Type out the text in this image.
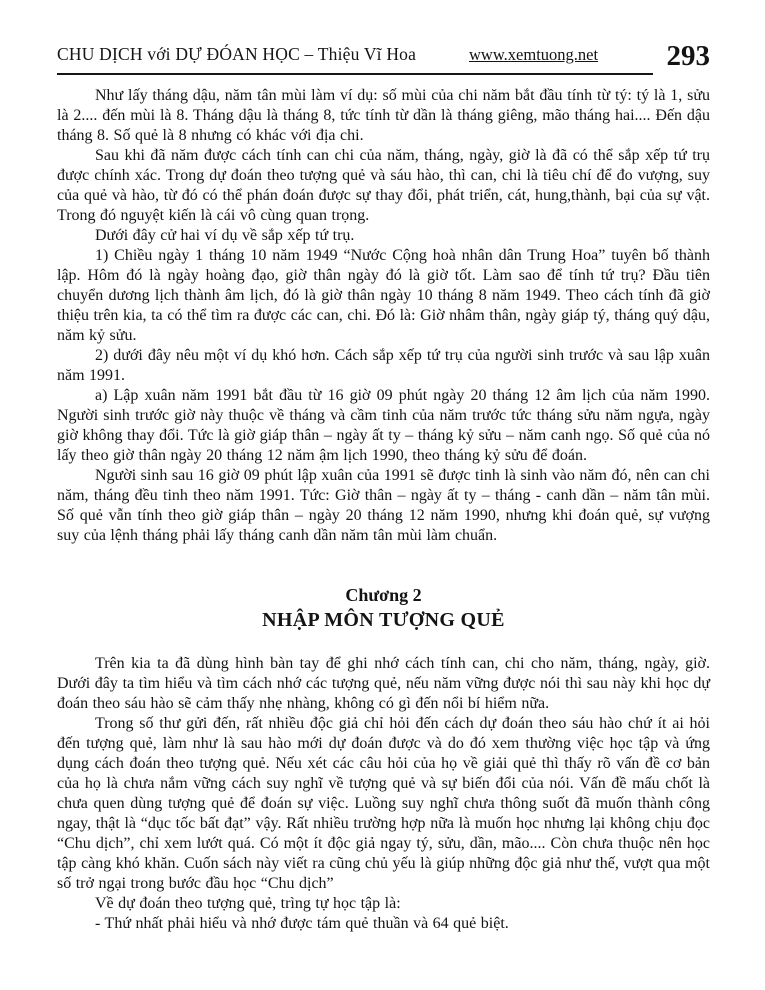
CHU DỊCH với DỰ ĐÓAN HỌC – Thiệu Vĩ Hoa	www.xemtuong.net 293

Như lấy tháng dậu, năm tân mùi làm ví dụ: số mùi của chi năm bắt đầu tính từ tý: tý là 1, sửu là 2.... đến mùi là 8. Tháng dậu là tháng 8, tức tính từ dần là tháng giêng, mão tháng hai.... Đến dậu tháng 8. Số quẻ là 8 nhưng có khác với địa chi.

Sau khi đã năm được cách tính can chi của năm, tháng, ngày, giờ là đã có thể sắp xếp tứ trụ được chính xác. Trong dự đoán theo tượng quẻ và sáu hào, thì can, chi là tiêu chí để đo vượng, suy của quẻ và hào, từ đó có thể phán đoán được sự thay đổi, phát triển, cát, hung,thành, bại của sự vật. Trong đó nguyệt kiến là cái vô cùng quan trọng.

Dưới đây cử hai ví dụ về sắp xếp tứ trụ.

1) Chiều ngày 1 tháng 10 năm 1949 “Nước Cộng hoà nhân dân Trung Hoa” tuyên bố thành lập. Hôm đó là ngày hoàng đạo, giờ thân ngày đó là giờ tốt. Làm sao để tính tứ trụ? Đầu tiên chuyển dương lịch thành âm lịch, đó là giờ thân ngày 10 tháng 8 năm 1949. Theo cách tính đã giờ thiệu trên kia, ta có thể tìm ra được các can, chi. Đó là: Giờ nhâm thân, ngày giáp tý, tháng quý dậu, năm kỷ sửu.

2) dưới đây nêu một ví dụ khó hơn. Cách sắp xếp tứ trụ của người sinh trước và sau lập xuân năm 1991.

a) Lập xuân năm 1991 bắt đầu từ 16 giờ 09 phút ngày 20 tháng 12 âm lịch của năm 1990. Người sinh trước giờ này thuộc về tháng và cầm tinh của năm trước tức tháng sửu năm ngựa, ngày giờ không thay đổi. Tức là giờ giáp thân – ngày ất ty – tháng kỷ sửu – năm canh ngọ. Số quẻ của nó lấy theo giờ thân ngày 20 tháng 12 năm ậm lịch 1990, theo tháng kỷ sửu để đoán.

Người sinh sau 16 giờ 09 phút lập xuân của 1991 sẽ được tinh là sinh vào năm đó, nên can chi năm, tháng đều tinh theo năm 1991. Tức: Giờ thân – ngày ất ty – tháng - canh dần – năm tân mùi. Số quẻ vẫn tính theo giờ giáp thân – ngày 20 tháng 12 năm 1990, nhưng khi đoán quẻ, sự vượng suy của lệnh tháng phải lấy tháng canh dần năm tân mùi làm chuẩn.

Chương 2
NHẬP MÔN TƯỢNG QUẺ

Trên kia ta đã dùng hình bàn tay để ghi nhớ cách tính can, chi cho năm, tháng, ngày, giờ. Dưới đây ta tìm hiểu và tìm cách nhớ các tượng quẻ, nếu năm vững được nói thì sau này khi học dự đoán theo sáu hào sẽ cảm thấy nhẹ nhàng, không có gì đến nổi bí hiểm nữa.

Trong số thư gửi đến, rất nhiều độc giả chỉ hỏi đến cách dự đoán theo sáu hào chứ ít ai hỏi đến tượng quẻ, làm như là sau hào mới dự đoán được và do đó xem thường việc học tập và ứng dụng cách đoán theo tượng quẻ. Nếu xét các câu hỏi của họ về giải quẻ thì thấy rõ vấn đề cơ bản của họ là chưa nắm vững cách suy nghĩ về tượng quẻ và sự biến đổi của nói. Vấn đề mấu chốt là chưa quen dùng tượng quẻ để đoán sự việc. Luồng suy nghĩ chưa thông suốt đã muốn thành công ngay, thật là “dục tốc bất đạt” vậy. Rất nhiều trường hợp nữa là muốn học nhưng lại không chịu đọc “Chu dịch”, chỉ xem lướt quá. Có một ít độc giả ngay tý, sửu, dần, mão.... Còn chưa thuộc nên học tập càng khó khăn. Cuốn sách này viết ra cũng chủ yếu là giúp những độc giả như thế, vượt qua một số trở ngại trong bước đầu học “Chu dịch”

Về dự đoán theo tượng quẻ, trìng tự học tập là:

- Thứ nhất phải hiểu và nhớ được tám quẻ thuần và 64 quẻ biệt.
